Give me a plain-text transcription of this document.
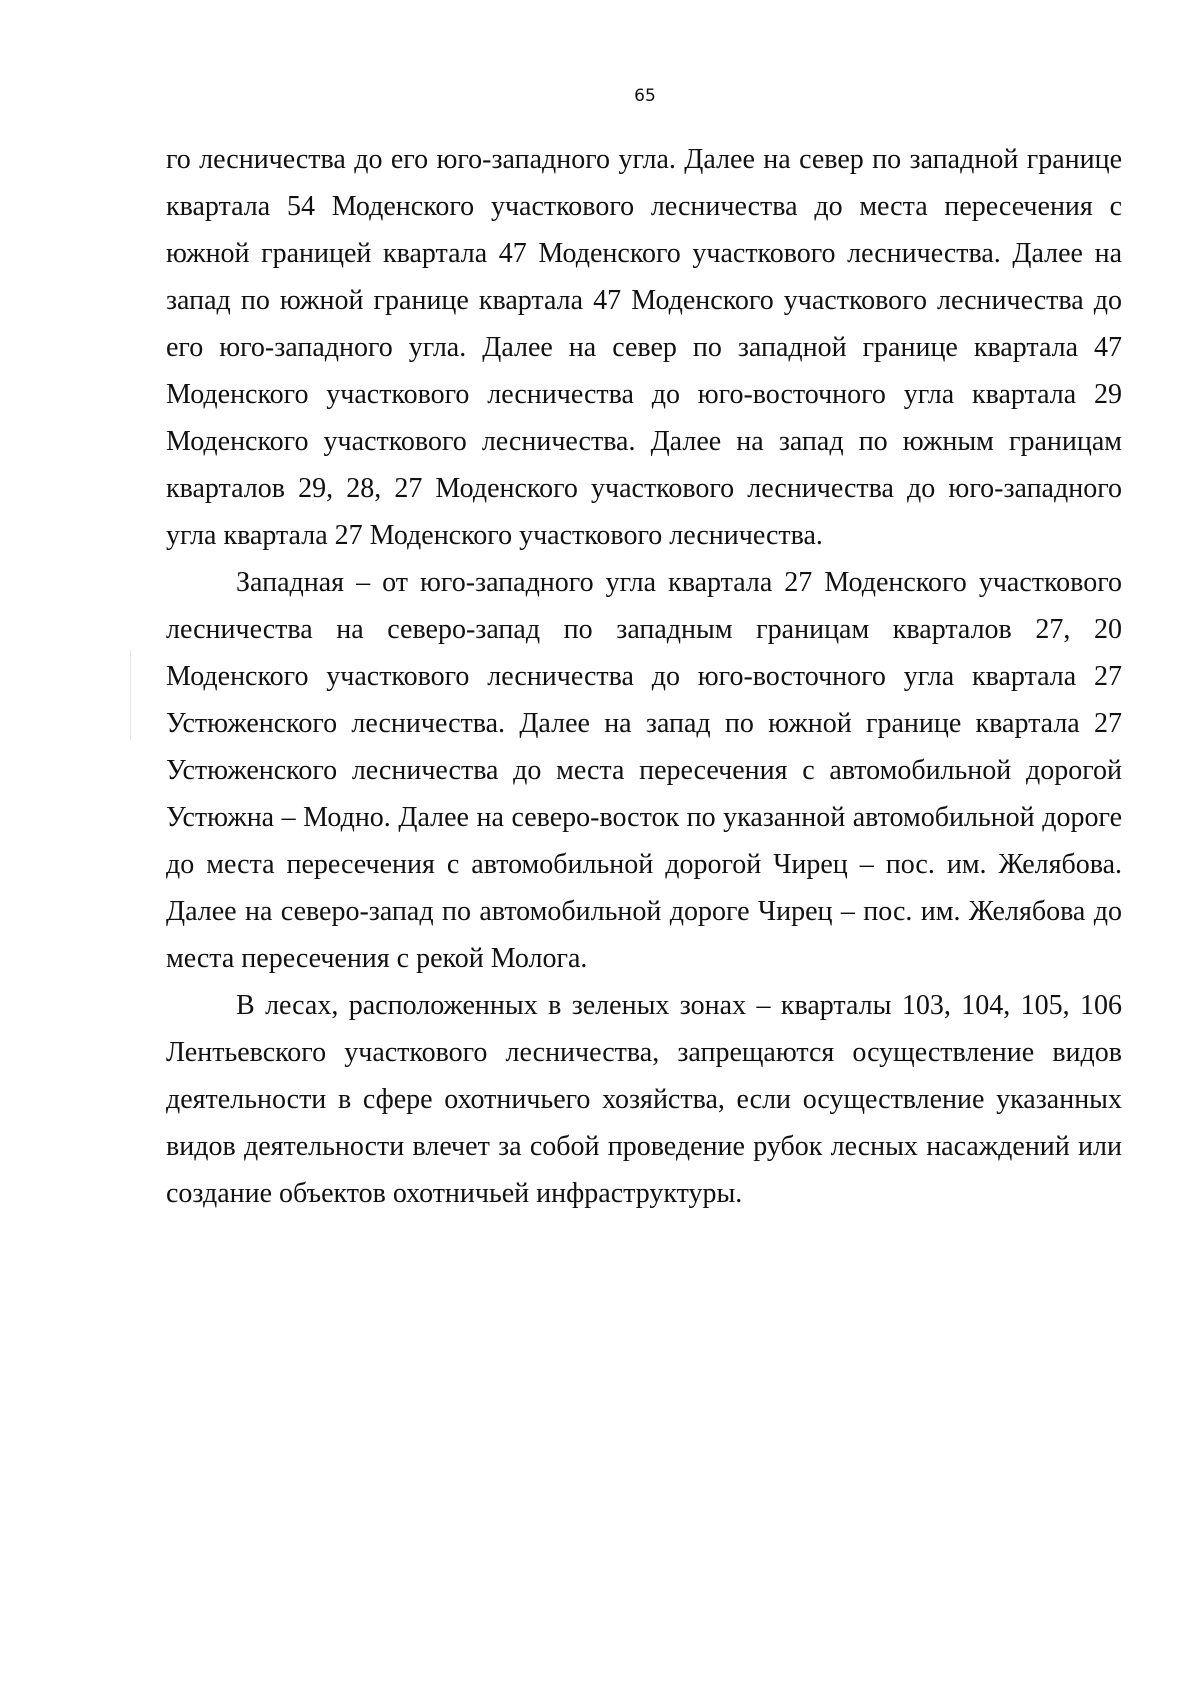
65

го лесничества до его юго-западного угла. Далее на север по западной границе квартала 54 Моденского участкового лесничества до места пересечения с южной границей квартала 47 Моденского участкового лесничества. Далее на запад по южной границе квартала 47 Моденского участкового лесничества до его юго-западного угла. Далее на север по западной границе квартала 47 Моденского участкового лесничества до юго-восточного угла квартала 29 Моденского участкового лесничества. Далее на запад по южным границам кварталов 29, 28, 27 Моденского участкового лесничества до юго-западного угла квартала 27 Моденского участкового лесничества.

Западная – от юго-западного угла квартала 27 Моденского участкового лесничества на северо-запад по западным границам кварталов 27, 20 Моденского участкового лесничества до юго-восточного угла квартала 27 Устюженского лесничества. Далее на запад по южной границе квартала 27 Устюженского лесничества до места пересечения с автомобильной дорогой Устюжна – Модно. Далее на северо-восток по указанной автомобильной дороге до места пересечения с автомобильной дорогой Чирец – пос. им. Желябова. Далее на северо-запад по автомобильной дороге Чирец – пос. им. Желябова до места пересечения с рекой Молога.

В лесах, расположенных в зеленых зонах – кварталы 103, 104, 105, 106 Лентьевского участкового лесничества, запрещаются осуществление видов деятельности в сфере охотничьего хозяйства, если осуществление указанных видов деятельности влечет за собой проведение рубок лесных насаждений или создание объектов охотничьей инфраструктуры.
